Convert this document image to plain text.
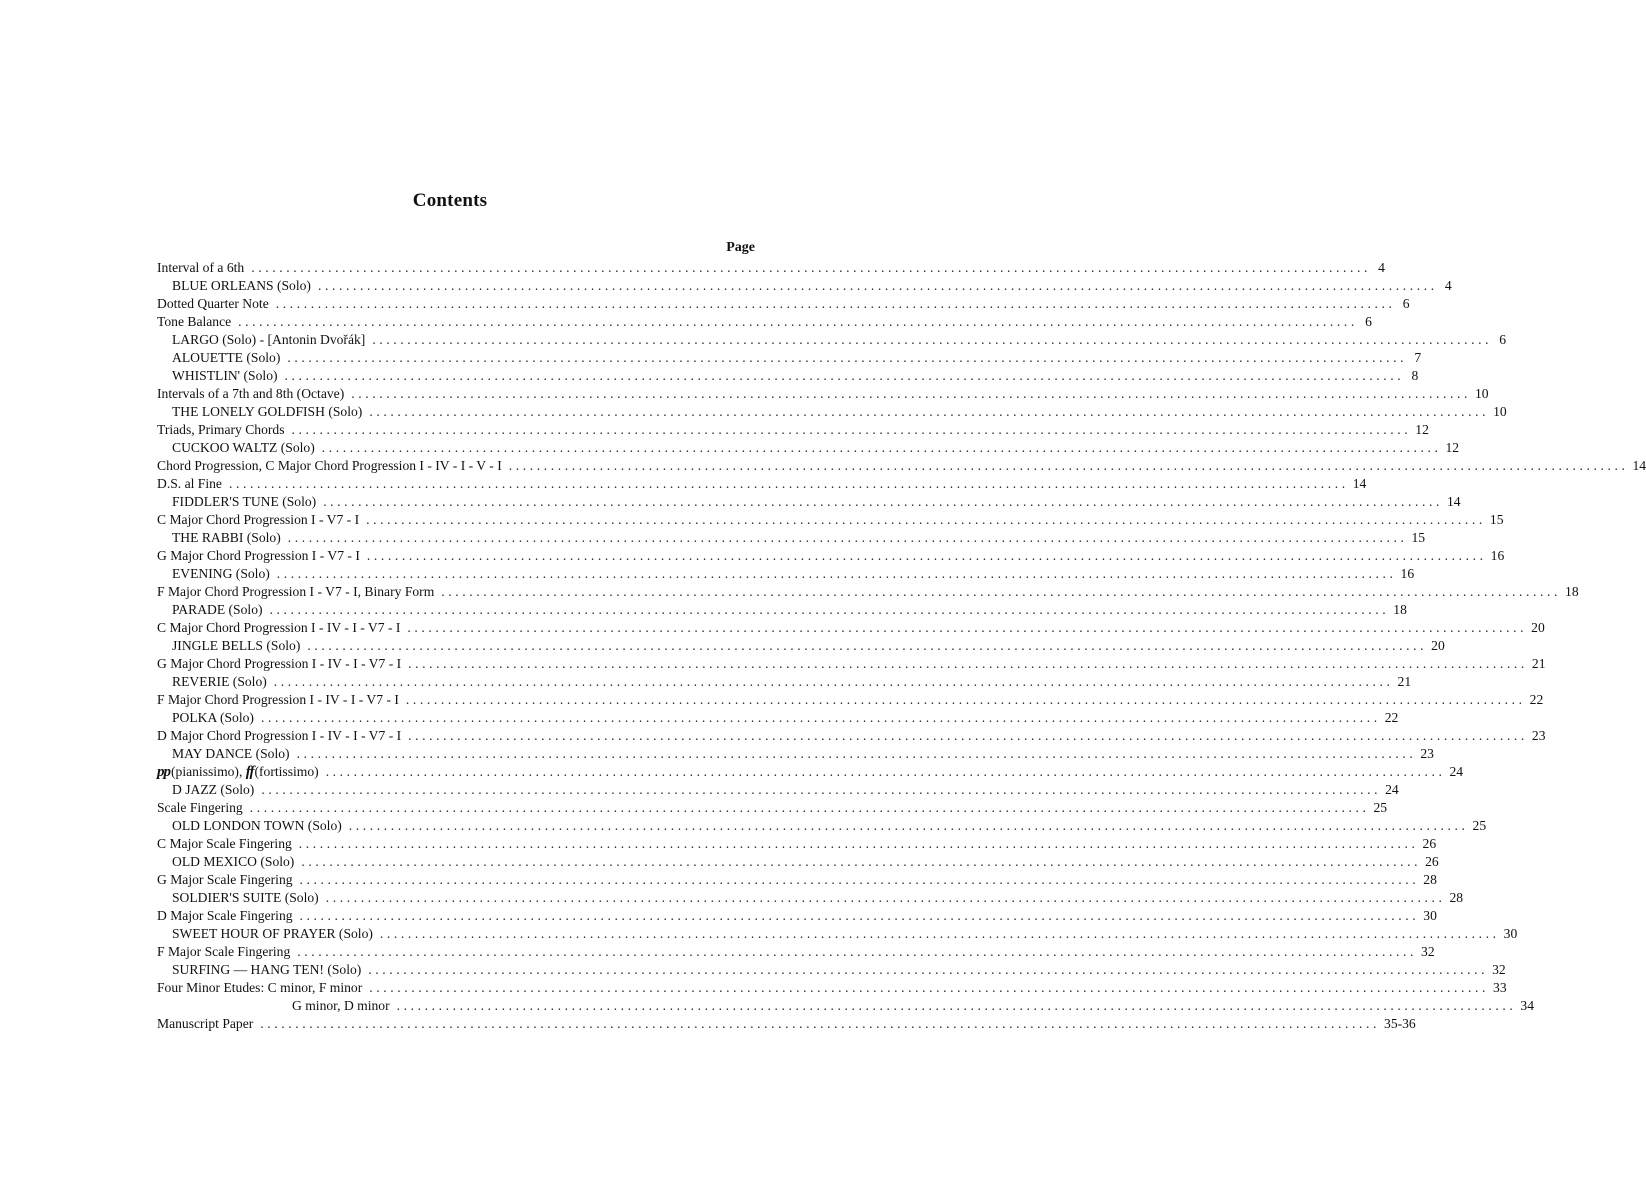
Contents
Page
Interval of a 6th ................................................................................................................................................................ 4
BLUE ORLEANS (Solo) ................................................................................................................................................................ 4
Dotted Quarter Note ................................................................................................................................................................ 6
Tone Balance ................................................................................................................................................................ 6
LARGO (Solo) - [Antonin Dvořák] ................................................................................................................................................................ 6
ALOUETTE (Solo) ................................................................................................................................................................ 7
WHISTLIN' (Solo) ................................................................................................................................................................ 8
Intervals of a 7th and 8th (Octave) ................................................................................................................................................................ 10
THE LONELY GOLDFISH (Solo) ................................................................................................................................................................ 10
Triads, Primary Chords ................................................................................................................................................................ 12
CUCKOO WALTZ (Solo) ................................................................................................................................................................ 12
Chord Progression, C Major Chord Progression I - IV - I - V - I ................................................................................................................................................................ 14
D.S. al Fine ................................................................................................................................................................ 14
FIDDLER'S TUNE (Solo) ................................................................................................................................................................ 14
C Major Chord Progression I - V7 - I ................................................................................................................................................................ 15
THE RABBI (Solo) ................................................................................................................................................................ 15
G Major Chord Progression I - V7 - I ................................................................................................................................................................ 16
EVENING (Solo) ................................................................................................................................................................ 16
F Major Chord Progression I - V7 - I, Binary Form ................................................................................................................................................................ 18
PARADE (Solo) ................................................................................................................................................................ 18
C Major Chord Progression I - IV - I - V7 - I ................................................................................................................................................................ 20
JINGLE BELLS (Solo) ................................................................................................................................................................ 20
G Major Chord Progression I - IV - I - V7 - I ................................................................................................................................................................ 21
REVERIE (Solo) ................................................................................................................................................................ 21
F Major Chord Progression I - IV - I - V7 - I ................................................................................................................................................................ 22
POLKA (Solo) ................................................................................................................................................................ 22
D Major Chord Progression I - IV - I - V7 - I ................................................................................................................................................................ 23
MAY DANCE (Solo) ................................................................................................................................................................ 23
pp(pianissimo), ff(fortissimo) ................................................................................................................................................................ 24
D JAZZ (Solo) ................................................................................................................................................................ 24
Scale Fingering ................................................................................................................................................................ 25
OLD LONDON TOWN (Solo) ................................................................................................................................................................ 25
C Major Scale Fingering ................................................................................................................................................................ 26
OLD MEXICO (Solo) ................................................................................................................................................................ 26
G Major Scale Fingering ................................................................................................................................................................ 28
SOLDIER'S SUITE (Solo) ................................................................................................................................................................ 28
D Major Scale Fingering ................................................................................................................................................................ 30
SWEET HOUR OF PRAYER (Solo) ................................................................................................................................................................ 30
F Major Scale Fingering ................................................................................................................................................................ 32
SURFING — HANG TEN! (Solo) ................................................................................................................................................................ 32
Four Minor Etudes: C minor, F minor ................................................................................................................................................................ 33
G minor, D minor ................................................................................................................................................................ 34
Manuscript Paper ................................................................................................................................................................ 35-36
